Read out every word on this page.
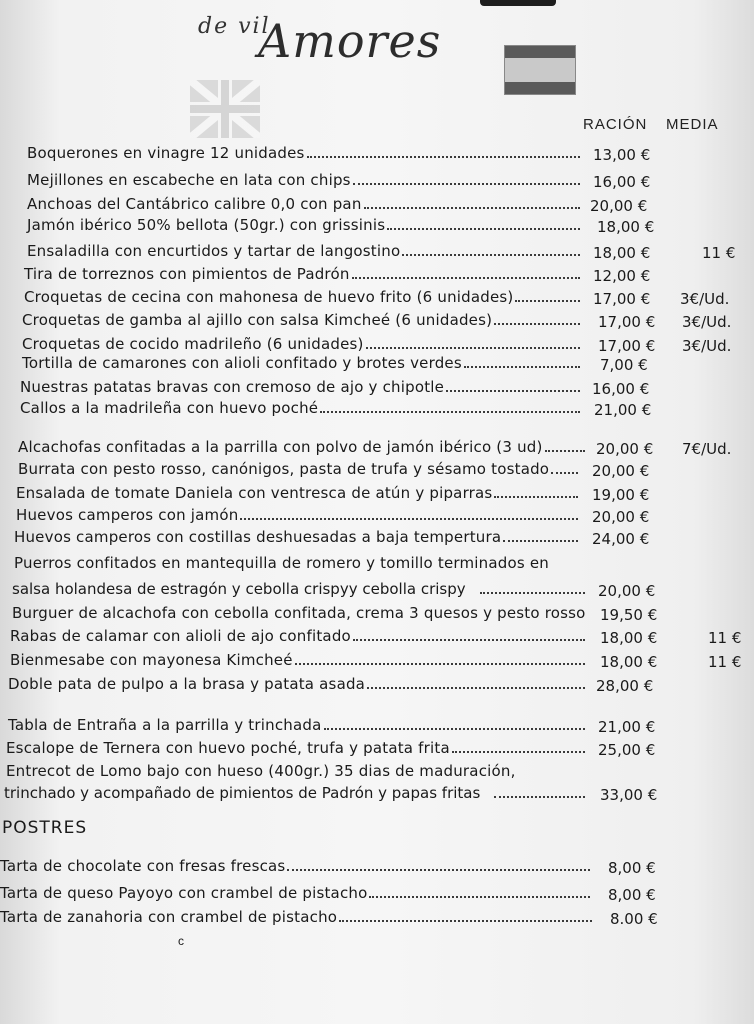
de vil
Amores
RACIÓN MEDIA
Boquerones en vinagre 12 unidades	13,00 €
Mejillones en escabeche en lata con chips	16,00 €
Anchoas del Cantábrico calibre 0,0 con pan	20,00 €
Jamón ibérico 50% bellota (50gr.) con grissinis	18,00 €
Ensaladilla con encurtidos y tartar de langostino	18,00 €	11 €
Tira de torreznos con pimientos de Padrón	12,00 €
Croquetas de cecina con mahonesa de huevo frito (6 unidades)	17,00 € 3€/Ud.
Croquetas de gamba al ajillo con salsa Kimcheé (6 unidades)	17,00 € 3€/Ud.
Croquetas de cocido madrileño (6 unidades)	17,00 € 3€/Ud.
Tortilla de camarones con alioli confitado y brotes verdes	7,00 €
Nuestras patatas bravas con cremoso de ajo y chipotle	16,00 €
Callos a la madrileña con huevo poché	21,00 €
Alcachofas confitadas a la parrilla con polvo de jamón ibérico (3 ud)	20,00 € 7€/Ud.
Burrata con pesto rosso, canónigos, pasta de trufa y sésamo tostado	20,00 €
Ensalada de tomate Daniela con ventresca de atún y piparras	19,00 €
Huevos camperos con jamón	20,00 €
Huevos camperos con costillas deshuesadas a baja tempertura	24,00 €
Puerros confitados en mantequilla de romero y tomillo terminados en
salsa holandesa de estragón y cebolla crispyy cebolla crispy	20,00 €
Burguer de alcachofa con cebolla confitada, crema 3 quesos y pesto rosso 19,50 €
Rabas de calamar con alioli de ajo confitado	18,00 €	11 €
Bienmesabe con mayonesa Kimcheé	18,00 €	11 €
Doble pata de pulpo a la brasa y patata asada	28,00 €
Tabla de Entraña a la parrilla y trinchada	21,00 €
Escalope de Ternera con huevo poché, trufa y patata frita	25,00 €
Entrecot de Lomo bajo con hueso (400gr.) 35 dias de maduración,
trinchado y acompañado de pimientos de Padrón y papas fritas	33,00 €
Tarta de chocolate con fresas frescas	8,00 €
Tarta de queso Payoyo con crambel de pistacho	8,00 €
Tarta de zanahoria con crambel de pistacho	8.00 €
POSTRES
c
